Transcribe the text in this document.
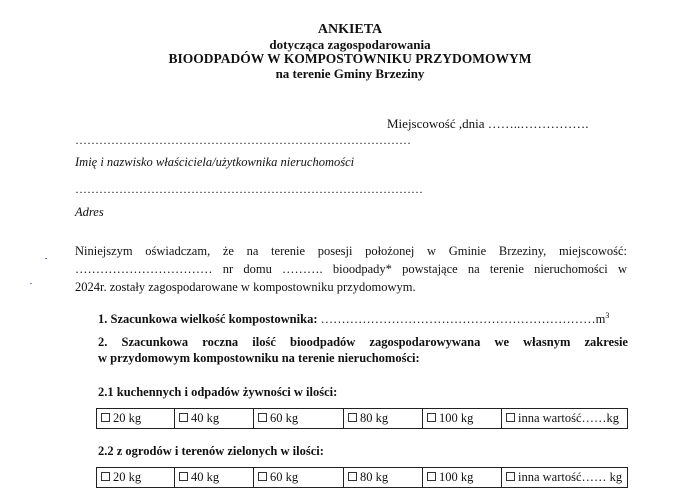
ANKIETA
dotycząca zagospodarowania
BIOODPADÓW W KOMPOSTOWNIKU PRZYDOMOWYM
na terenie Gminy Brzeziny
Miejscowość ,dnia ……..…………….
…………………………………………………………………………
Imię i nazwisko właściciela/użytkownika nieruchomości
……………………………………………………………………………
Adres
Niniejszym oświadczam, że na terenie posesji położonej w Gminie Brzeziny, miejscowość:
…………………………… nr domu ………. bioodpady* powstające na terenie nieruchomości w
2024r. zostały zagospodarowane w kompostowniku przydomowym.
1. Szacunkowa wielkość kompostownika: $\dots\dots\dots\dots\dots\dots\dots\dots\dots\dots\dots\dots\dots\dots\dots\dots\dots\dots\dots\dots\dots\dots m^3$
2. Szacunkowa roczna ilość bioodpadów zagospodarowywana we własnym zakresie
w przydomowym kompostowniku na terenie nieruchomości:
2.1 kuchennych i odpadów żywności w ilości:
20 kg	40 kg	60 kg	80 kg	100 kg	inna wartość……kg
2.2 z ogrodów i terenów zielonych w ilości:
20 kg	40 kg	60 kg	80 kg	100 kg	inna wartość…… kg
